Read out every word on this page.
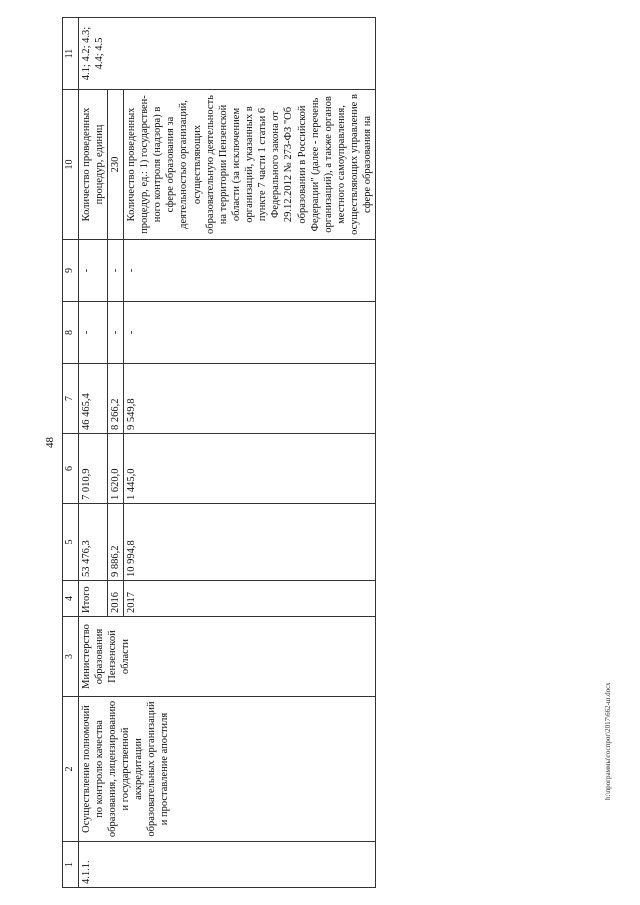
48
h:\программы\госпрог\2017\662-ш.docx
1	2	3	4	5	6	7	8	9	10	11
4.1.1.	Осуществление полномочий по контролю качества образования, лицензированию и государственной аккредитации образовательных организаций и проставление апостиля	Министерство образования Пензенской области	Итого	53 476,3	7 010,9	46 465,4	-	-	Количество проведенных процедур, единиц	4.1; 4.2; 4.3; 4.4; 4.5
			2016	9 886,2	1 620,0	8 266,2	-	-	230	
			2017	10 994,8	1 445,0	9 549,8	-	-	Количество проведенных процедур, ед.: 1) государствен-ного контроля (надзора) в сфере образования за деятельностью организаций, осуществляющих образовательную деятельность на территории Пензенской области (за исключением организаций, указанных в пункте 7 части 1 статьи 6 Федерального закона от 29.12.2012 № 273-ФЗ "Об образовании в Российской Федерации" (далее - перечень организаций), а также органов местного самоуправления, осуществляющих управление в сфере образования на	
